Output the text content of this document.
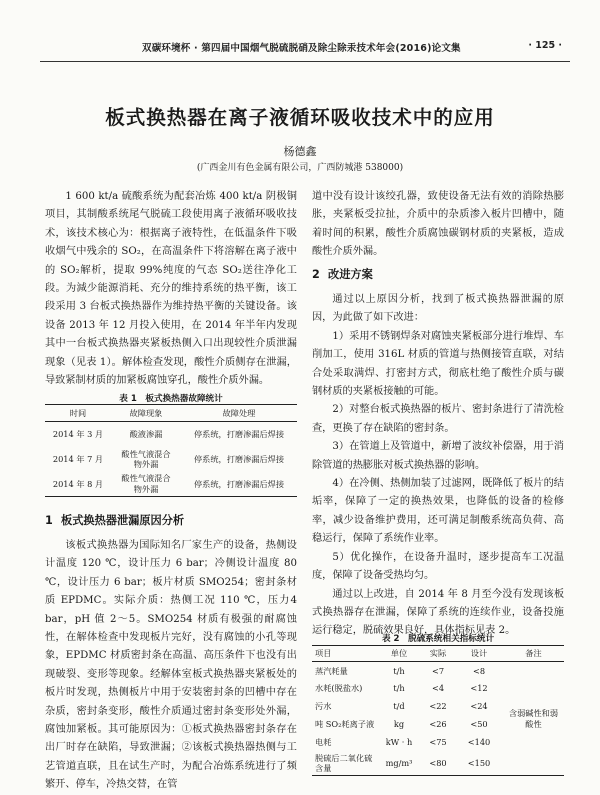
双碳环境杯 · 第四届中国烟气脱硫脱硝及除尘除汞技术年会(2016)论文集	· 125 ·
板式换热器在离子液循环吸收技术中的应用
杨德鑫
(广西金川有色金属有限公司，广西防城港 538000)

1 600 kt/a 硫酸系统为配套冶炼 400 kt/a 阴极铜项目，其制酸系统尾气脱硫工段使用离子液循环吸收技术，该技术核心为：根据离子液特性，在低温条件下吸收烟气中残余的 SO₂，在高温条件下将溶解在离子液中的 SO₂解析，提取 99%纯度的气态 SO₂送往净化工段。为減少能源消耗、充分的维持系统的热平衡，该工段采用 3 台板式换热器作为维持热平衡的关键设备。该设备 2013 年 12 月投入使用，在 2014 年半年内发现其中一台板式换热器夹紧板热侧入口出现较性介质泄漏现象（见表 1）。解体检查发现，酸性介质侧存在泄漏，导致紧制材质的加紧板腐蚀穿孔，酸性介质外漏。

表 1　板式换热器故障统计
时间	故障现象	故障处理
2014 年 3 月	酸液渗漏	停系统，打磨渗漏后焊接
2014 年 7 月	酸性气液混合物外漏	停系统，打磨渗漏后焊接
2014 年 8 月	酸性气液混合物外漏	停系统，打磨渗漏后焊接
1 板式换热器泄漏原因分析

该板式换热器为国际知名厂家生产的设备，热侧设计温度 120 ℃，设计压力 6 bar；冷侧设计温度 80 ℃，设计压力 6 bar；板片材质 SMO254；密封条材质 EPDMC。实际介质：热侧工况 110 ℃，压力4 bar，pH 值 2～5。SMO254 材质有极强的耐腐蚀性，在解体检查中发现板片完好，没有腐蚀的小孔等现象，EPDMC 材质密封条在高温、高压条件下也没有出现破裂、变形等现象。经解体室板式换热器夹紧板处的板片时发现，热侧板片中用于安装密封条的凹槽中存在杂质，密封条变形，酸性介质通过密封条变形处外漏，腐蚀加紧板。其可能原因为：①板式换热器密封条存在出厂时存在缺陷，导致泄漏；②该板式换热器热侧与工艺管道直联，且在试生产时，为配合冶炼系统进行了频繁开、停车，冷热交替，在管

道中没有设计该绞孔器，致使设备无法有效的消除热膨胀，夹紧板受拉扯，介质中的杂质渗入板片凹槽中，随着时间的积累，酸性介质腐蚀碳钢材质的夹紧板，造成酸性介质外漏。

2 改进方案

通过以上原因分析，找到了板式换热器泄漏的原因，为此做了如下改进：

1）采用不锈钢焊条对腐蚀夹紧板部分进行堆焊、车削加工，使用 316L 材质的管道与热侧接管直联，对结合处采取满焊、打密封方式，彻底杜绝了酸性介质与碳钢材质的夹紧板接触的可能。

2）对整台板式换热器的板片、密封条进行了清洗检查，更换了存在缺陷的密封条。

3）在管道上及管道中，新增了波纹补偿器，用于消除管道的热膨胀对板式换热器的影响。

4）在冷侧、热侧加装了过滤网，既降低了板片的结垢率，保障了一定的换热效果，也降低的设备的检修率，减少设备维护费用，还可满足制酸系统高负荷、高稳运行，保障了系统作业率。

5）优化操作，在设备升温时，逐步提高车工况温度，保障了设备受热均匀。

通过以上改进，自 2014 年 8 月至今没有发现该板式换热器存在泄漏，保障了系统的连续作业，设备投施运行稳定，脱硫效果良好，具体指标见表 2。

表 2　脱硫系统相关指标统计
项目	单位	实际	设计	备注
蒸汽耗量	t/h	<7	<8	含弱碱性和弱酸性
水耗(脱盐水)	t/h	<4	<12	
污水	t/d	<22	<24	
吨 SO₂耗离子液	kg	<26	<50	
电耗	kW · h	<75	<140	
脱硫后二氧化硫含量	mg/m³	<80	<150	
